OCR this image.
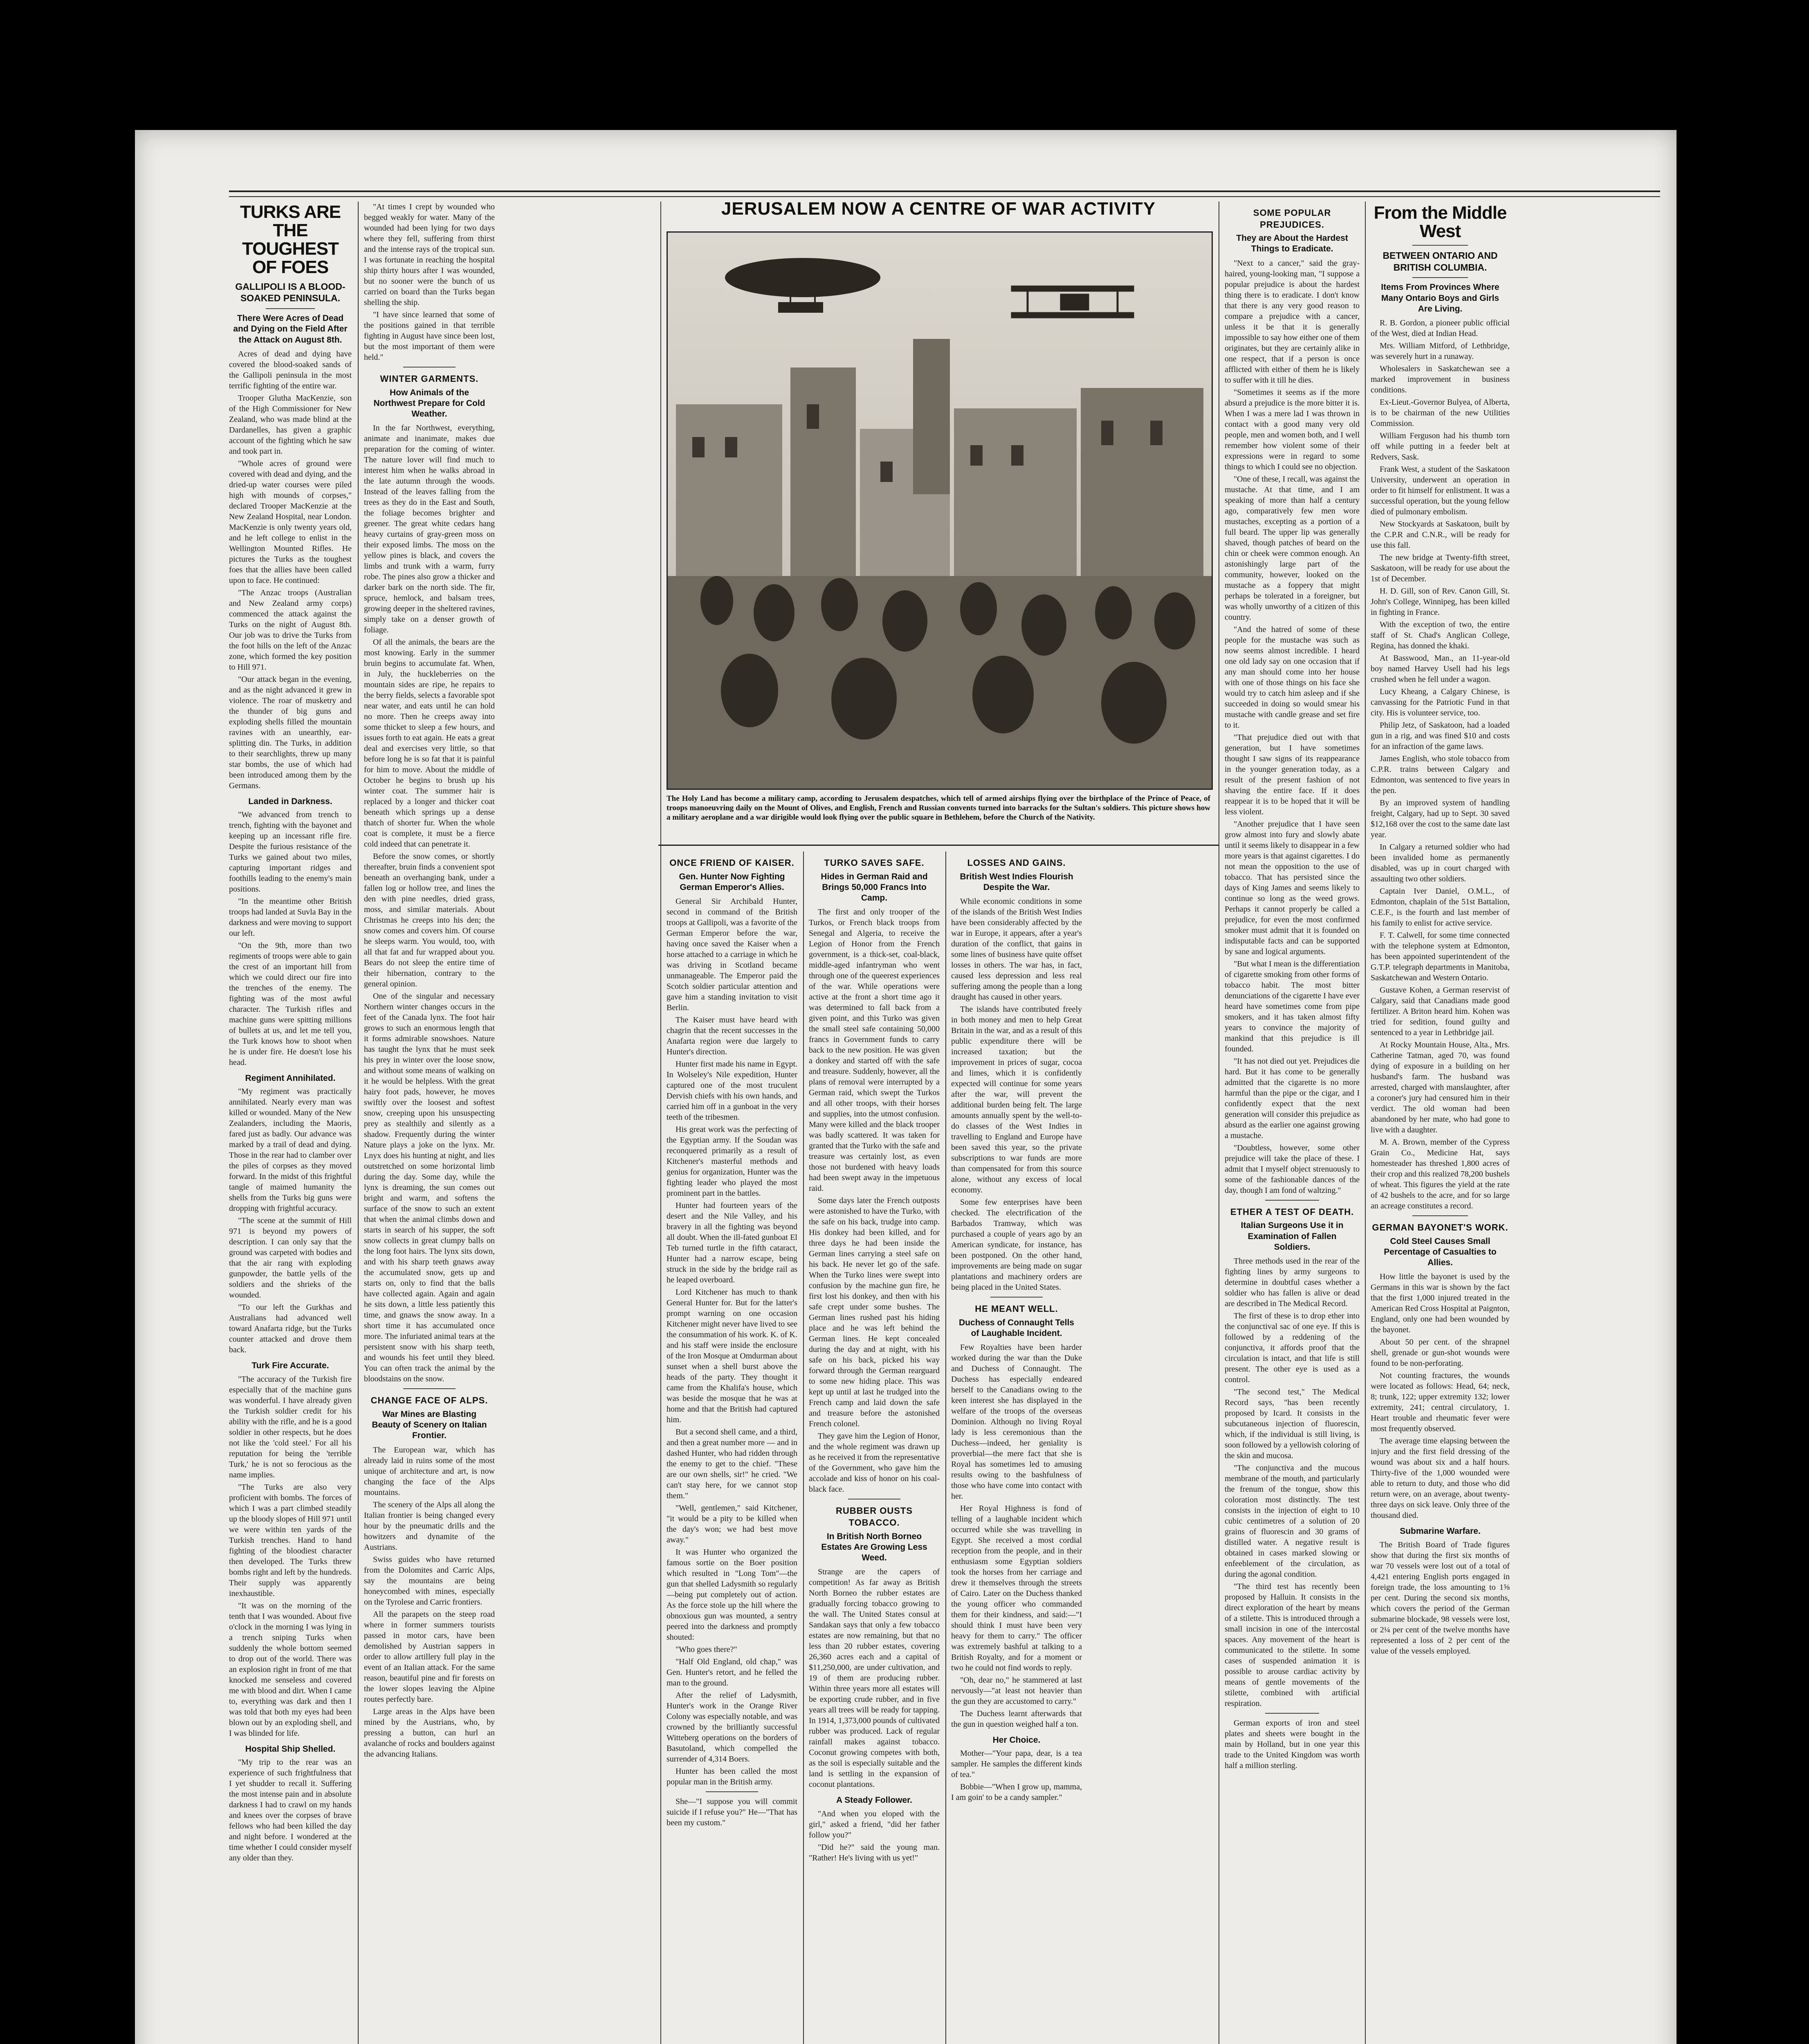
TURKS ARE THE
TOUGHEST OF FOES
GALLIPOLI IS A BLOOD-SOAKED PENINSULA.
There Were Acres of Dead and Dying on the Field After the Attack on August 8th.

Acres of dead and dying have covered the blood-soaked sands of the Gallipoli peninsula in the most terrific fighting of the entire war.

Trooper Glutha MacKenzie, son of the High Commissioner for New Zealand, who was made blind at the Dardanelles, has given a graphic account of the fighting which he saw and took part in.

"Whole acres of ground were covered with dead and dying, and the dried-up water courses were piled high with mounds of corpses," declared Trooper MacKenzie at the New Zealand Hospital, near London. MacKenzie is only twenty years old, and he left college to enlist in the Wellington Mounted Rifles. He pictures the Turks as the toughest foes that the allies have been called upon to face. He continued:

"The Anzac troops (Australian and New Zealand army corps) commenced the attack against the Turks on the night of August 8th. Our job was to drive the Turks from the foot hills on the left of the Anzac zone, which formed the key position to Hill 971.

"Our attack began in the evening, and as the night advanced it grew in violence. The roar of musketry and the thunder of big guns and exploding shells filled the mountain ravines with an unearthly, ear-splitting din. The Turks, in addition to their searchlights, threw up many star bombs, the use of which had been introduced among them by the Germans.

Landed in Darkness.

"We advanced from trench to trench, fighting with the bayonet and keeping up an incessant rifle fire. Despite the furious resistance of the Turks we gained about two miles, capturing important ridges and foothills leading to the enemy's main positions.

"In the meantime other British troops had landed at Suvla Bay in the darkness and were moving to support our left.

"On the 9th, more than two regiments of troops were able to gain the crest of an important hill from which we could direct our fire into the trenches of the enemy. The fighting was of the most awful character. The Turkish rifles and machine guns were spitting millions of bullets at us, and let me tell you, the Turk knows how to shoot when he is under fire. He doesn't lose his head.

Regiment Annihilated.

"My regiment was practically annihilated. Nearly every man was killed or wounded. Many of the New Zealanders, including the Maoris, fared just as badly. Our advance was marked by a trail of dead and dying. Those in the rear had to clamber over the piles of corpses as they moved forward. In the midst of this frightful tangle of maimed humanity the shells from the Turks big guns were dropping with frightful accuracy.

"The scene at the summit of Hill 971 is beyond my powers of description. I can only say that the ground was carpeted with bodies and that the air rang with exploding gunpowder, the battle yells of the soldiers and the shrieks of the wounded.

"To our left the Gurkhas and Australians had advanced well toward Anafarta ridge, but the Turks counter attacked and drove them back.

Turk Fire Accurate.

"The accuracy of the Turkish fire especially that of the machine guns was wonderful. I have already given the Turkish soldier credit for his ability with the rifle, and he is a good soldier in other respects, but he does not like the 'cold steel.' For all his reputation for being the 'terrible Turk,' he is not so ferocious as the name implies.

"The Turks are also very proficient with bombs. The forces of which I was a part climbed steadily up the bloody slopes of Hill 971 until we were within ten yards of the Turkish trenches. Hand to hand fighting of the bloodiest character then developed. The Turks threw bombs right and left by the hundreds. Their supply was apparently inexhaustible.

"It was on the morning of the tenth that I was wounded. About five o'clock in the morning I was lying in a trench sniping Turks when suddenly the whole bottom seemed to drop out of the world. There was an explosion right in front of me that knocked me senseless and covered me with blood and dirt. When I came to, everything was dark and then I was told that both my eyes had been blown out by an exploding shell, and I was blinded for life.

Hospital Ship Shelled.

"My trip to the rear was an experience of such frightfulness that I yet shudder to recall it. Suffering the most intense pain and in absolute darkness I had to crawl on my hands and knees over the corpses of brave fellows who had been killed the day and night before. I wondered at the time whether I could consider myself any older than they.

"At times I crept by wounded who begged weakly for water. Many of the wounded had been lying for two days where they fell, suffering from thirst and the intense rays of the tropical sun. I was fortunate in reaching the hospital ship thirty hours after I was wounded, but no sooner were the bunch of us carried on board than the Turks began shelling the ship.

"I have since learned that some of the positions gained in that terrible fighting in August have since been lost, but the most important of them were held."

WINTER GARMENTS.
How Animals of the Northwest Prepare for Cold Weather.

In the far Northwest, everything, animate and inanimate, makes due preparation for the coming of winter. The nature lover will find much to interest him when he walks abroad in the late autumn through the woods. Instead of the leaves falling from the trees as they do in the East and South, the foliage becomes brighter and greener. The great white cedars hang heavy curtains of gray-green moss on their exposed limbs. The moss on the yellow pines is black, and covers the limbs and trunk with a warm, furry robe. The pines also grow a thicker and darker bark on the north side. The fir, spruce, hemlock, and balsam trees, growing deeper in the sheltered ravines, simply take on a denser growth of foliage.

Of all the animals, the bears are the most knowing. Early in the summer bruin begins to accumulate fat. When, in July, the huckleberries on the mountain sides are ripe, he repairs to the berry fields, selects a favorable spot near water, and eats until he can hold no more. Then he creeps away into some thicket to sleep a few hours, and issues forth to eat again. He eats a great deal and exercises very little, so that before long he is so fat that it is painful for him to move. About the middle of October he begins to brush up his winter coat. The summer hair is replaced by a longer and thicker coat beneath which springs up a dense thatch of shorter fur. When the whole coat is complete, it must be a fierce cold indeed that can penetrate it.

Before the snow comes, or shortly thereafter, bruin finds a convenient spot beneath an overhanging bank, under a fallen log or hollow tree, and lines the den with pine needles, dried grass, moss, and similar materials. About Christmas he creeps into his den; the snow comes and covers him. Of course he sleeps warm. You would, too, with all that fat and fur wrapped about you. Bears do not sleep the entire time of their hibernation, contrary to the general opinion.

One of the singular and necessary Northern winter changes occurs in the feet of the Canada lynx. The foot hair grows to such an enormous length that it forms admirable snowshoes. Nature has taught the lynx that he must seek his prey in winter over the loose snow, and without some means of walking on it he would be helpless. With the great hairy foot pads, however, he moves swiftly over the loosest and softest snow, creeping upon his unsuspecting prey as stealthily and silently as a shadow. Frequently during the winter Nature plays a joke on the lynx. Mr. Lnyx does his hunting at night, and lies outstretched on some horizontal limb during the day. Some day, while the lynx is dreaming, the sun comes out bright and warm, and softens the surface of the snow to such an extent that when the animal climbs down and starts in search of his supper, the soft snow collects in great clumpy balls on the long foot hairs. The lynx sits down, and with his sharp teeth gnaws away the accumulated snow, gets up and starts on, only to find that the balls have collected again. Again and again he sits down, a little less patiently this time, and gnaws the snow away. In a short time it has accumulated once more. The infuriated animal tears at the persistent snow with his sharp teeth, and wounds his feet until they bleed. You can often track the animal by the bloodstains on the snow.

CHANGE FACE OF ALPS.
War Mines are Blasting Beauty of Scenery on Italian Frontier.

The European war, which has already laid in ruins some of the most unique of architecture and art, is now changing the face of the Alps mountains.

The scenery of the Alps all along the Italian frontier is being changed every hour by the pneumatic drills and the howitzers and dynamite of the Austrians.

Swiss guides who have returned from the Dolomites and Carric Alps, say the mountains are being honeycombed with mines, especially on the Tyrolese and Carric frontiers.

All the parapets on the steep road where in former summers tourists passed in motor cars, have been demolished by Austrian sappers in order to allow artillery full play in the event of an Italian attack. For the same reason, beautiful pine and fir forests on the lower slopes leaving the Alpine routes perfectly bare.

Large areas in the Alps have been mined by the Austrians, who, by pressing a button, can hurl an avalanche of rocks and boulders against the advancing Italians.

JERUSALEM NOW A CENTRE OF WAR ACTIVITY
The Holy Land has become a military camp, according to Jerusalem despatches, which tell of armed airships flying over the birthplace of the Prince of Peace, of troops manoeuvring daily on the Mount of Olives, and English, French and Russian convents turned into barracks for the Sultan's soldiers. This picture shows how a military aeroplane and a war dirigible would look flying over the public square in Bethlehem, before the Church of the Nativity.
ONCE FRIEND OF KAISER.
Gen. Hunter Now Fighting German Emperor's Allies.

General Sir Archibald Hunter, second in command of the British troops at Gallipoli, was a favorite of the German Emperor before the war, having once saved the Kaiser when a horse attached to a carriage in which he was driving in Scotland became unmanageable. The Emperor paid the Scotch soldier particular attention and gave him a standing invitation to visit Berlin.

The Kaiser must have heard with chagrin that the recent successes in the Anafarta region were due largely to Hunter's direction.

Hunter first made his name in Egypt. In Wolseley's Nile expedition, Hunter captured one of the most truculent Dervish chiefs with his own hands, and carried him off in a gunboat in the very teeth of the tribesmen.

His great work was the perfecting of the Egyptian army. If the Soudan was reconquered primarily as a result of Kitchener's masterful methods and genius for organization, Hunter was the fighting leader who played the most prominent part in the battles.

Hunter had fourteen years of the desert and the Nile Valley, and his bravery in all the fighting was beyond all doubt. When the ill-fated gunboat El Teb turned turtle in the fifth cataract, Hunter had a narrow escape, being struck in the side by the bridge rail as he leaped overboard.

Lord Kitchener has much to thank General Hunter for. But for the latter's prompt warning on one occasion Kitchener might never have lived to see the consummation of his work. K. of K. and his staff were inside the enclosure of the Iron Mosque at Omdurman about sunset when a shell burst above the heads of the party. They thought it came from the Khalifa's house, which was beside the mosque that he was at home and that the British had captured him.

But a second shell came, and a third, and then a great number more — and in dashed Hunter, who had ridden through the enemy to get to the chief. "These are our own shells, sir!" he cried. "We can't stay here, for we cannot stop them."

"Well, gentlemen," said Kitchener, "it would be a pity to be killed when the day's won; we had best move away."

It was Hunter who organized the famous sortie on the Boer position which resulted in "Long Tom"—the gun that shelled Ladysmith so regularly—being put completely out of action. As the force stole up the hill where the obnoxious gun was mounted, a sentry peered into the darkness and promptly shouted:

"Who goes there?"

"Half Old England, old chap," was Gen. Hunter's retort, and he felled the man to the ground.

After the relief of Ladysmith, Hunter's work in the Orange River Colony was especially notable, and was crowned by the brilliantly successful Witteberg operations on the borders of Basutoland, which compelled the surrender of 4,314 Boers.

Hunter has been called the most popular man in the British army.

She—"I suppose you will commit suicide if I refuse you?" He—"That has been my custom."

TURKO SAVES SAFE.
Hides in German Raid and Brings 50,000 Francs Into Camp.

The first and only trooper of the Turkos, or French black troops from Senegal and Algeria, to receive the Legion of Honor from the French government, is a thick-set, coal-black, middle-aged infantryman who went through one of the queerest experiences of the war. While operations were active at the front a short time ago it was determined to fall back from a given point, and this Turko was given the small steel safe containing 50,000 francs in Government funds to carry back to the new position. He was given a donkey and started off with the safe and treasure. Suddenly, however, all the plans of removal were interrupted by a German raid, which swept the Turkos and all other troops, with their horses and supplies, into the utmost confusion. Many were killed and the black trooper was badly scattered. It was taken for granted that the Turko with the safe and treasure was certainly lost, as even those not burdened with heavy loads had been swept away in the impetuous raid.

Some days later the French outposts were astonished to have the Turko, with the safe on his back, trudge into camp. His donkey had been killed, and for three days he had been inside the German lines carrying a steel safe on his back. He never let go of the safe. When the Turko lines were swept into confusion by the machine gun fire, he first lost his donkey, and then with his safe crept under some bushes. The German lines rushed past his hiding place and he was left behind the German lines. He kept concealed during the day and at night, with his safe on his back, picked his way forward through the German rearguard to some new hiding place. This was kept up until at last he trudged into the French camp and laid down the safe and treasure before the astonished French colonel.

They gave him the Legion of Honor, and the whole regiment was drawn up as he received it from the representative of the Government, who gave him the accolade and kiss of honor on his coal-black face.

RUBBER OUSTS TOBACCO.
In British North Borneo Estates Are Growing Less Weed.

Strange are the capers of competition! As far away as British North Borneo the rubber estates are gradually forcing tobacco growing to the wall. The United States consul at Sandakan says that only a few tobacco estates are now remaining, but that no less than 20 rubber estates, covering 26,360 acres each and a capital of $11,250,000, are under cultivation, and 19 of them are producing rubber. Within three years more all estates will be exporting crude rubber, and in five years all trees will be ready for tapping. In 1914, 1,373,000 pounds of cultivated rubber was produced. Lack of regular rainfall makes against tobacco. Coconut growing competes with both, as the soil is especially suitable and the land is settling in the expansion of coconut plantations.

A Steady Follower.

"And when you eloped with the girl," asked a friend, "did her father follow you?"

"Did he?" said the young man. "Rather! He's living with us yet!"

LOSSES AND GAINS.
British West Indies Flourish Despite the War.

While economic conditions in some of the islands of the British West Indies have been considerably affected by the war in Europe, it appears, after a year's duration of the conflict, that gains in some lines of business have quite offset losses in others. The war has, in fact, caused less depression and less real suffering among the people than a long draught has caused in other years.

The islands have contributed freely in both money and men to help Great Britain in the war, and as a result of this public expenditure there will be increased taxation; but the improvement in prices of sugar, cocoa and limes, which it is confidently expected will continue for some years after the war, will prevent the additional burden being felt. The large amounts annually spent by the well-to-do classes of the West Indies in travelling to England and Europe have been saved this year, so the private subscriptions to war funds are more than compensated for from this source alone, without any excess of local economy.

Some few enterprises have been checked. The electrification of the Barbados Tramway, which was purchased a couple of years ago by an American syndicate, for instance, has been postponed. On the other hand, improvements are being made on sugar plantations and machinery orders are being placed in the United States.

HE MEANT WELL.
Duchess of Connaught Tells of Laughable Incident.

Few Royalties have been harder worked during the war than the Duke and Duchess of Connaught. The Duchess has especially endeared herself to the Canadians owing to the keen interest she has displayed in the welfare of the troops of the overseas Dominion. Although no living Royal lady is less ceremonious than the Duchess—indeed, her geniality is proverbial—the mere fact that she is Royal has sometimes led to amusing results owing to the bashfulness of those who have come into contact with her.

Her Royal Highness is fond of telling of a laughable incident which occurred while she was travelling in Egypt. She received a most cordial reception from the people, and in their enthusiasm some Egyptian soldiers took the horses from her carriage and drew it themselves through the streets of Cairo. Later on the Duchess thanked the young officer who commanded them for their kindness, and said:—"I should think I must have been very heavy for them to carry." The officer was extremely bashful at talking to a British Royalty, and for a moment or two he could not find words to reply.

"Oh, dear no," he stammered at last nervously—"at least not heavier than the gun they are accustomed to carry."

The Duchess learnt afterwards that the gun in question weighed half a ton.

Her Choice.

Mother—"Your papa, dear, is a tea sampler. He samples the different kinds of tea."

Bobbie—"When I grow up, mamma, I am goin' to be a candy sampler."

SOME POPULAR PREJUDICES.
They are About the Hardest Things to Eradicate.

"Next to a cancer," said the gray-haired, young-looking man, "I suppose a popular prejudice is about the hardest thing there is to eradicate. I don't know that there is any very good reason to compare a prejudice with a cancer, unless it be that it is generally impossible to say how either one of them originates, but they are certainly alike in one respect, that if a person is once afflicted with either of them he is likely to suffer with it till he dies.

"Sometimes it seems as if the more absurd a prejudice is the more bitter it is. When I was a mere lad I was thrown in contact with a good many very old people, men and women both, and I well remember how violent some of their expressions were in regard to some things to which I could see no objection.

"One of these, I recall, was against the mustache. At that time, and I am speaking of more than half a century ago, comparatively few men wore mustaches, excepting as a portion of a full beard. The upper lip was generally shaved, though patches of beard on the chin or cheek were common enough. An astonishingly large part of the community, however, looked on the mustache as a foppery that might perhaps be tolerated in a foreigner, but was wholly unworthy of a citizen of this country.

"And the hatred of some of these people for the mustache was such as now seems almost incredible. I heard one old lady say on one occasion that if any man should come into her house with one of those things on his face she would try to catch him asleep and if she succeeded in doing so would smear his mustache with candle grease and set fire to it.

"That prejudice died out with that generation, but I have sometimes thought I saw signs of its reappearance in the younger generation today, as a result of the present fashion of not shaving the entire face. If it does reappear it is to be hoped that it will be less violent.

"Another prejudice that I have seen grow almost into fury and slowly abate until it seems likely to disappear in a few more years is that against cigarettes. I do not mean the opposition to the use of tobacco. That has persisted since the days of King James and seems likely to continue so long as the weed grows. Perhaps it cannot properly be called a prejudice, for even the most confirmed smoker must admit that it is founded on indisputable facts and can be supported by sane and logical arguments.

"But what I mean is the differentiation of cigarette smoking from other forms of tobacco habit. The most bitter denunciations of the cigarette I have ever heard have sometimes come from pipe smokers, and it has taken almost fifty years to convince the majority of mankind that this prejudice is ill founded.

"It has not died out yet. Prejudices die hard. But it has come to be generally admitted that the cigarette is no more harmful than the pipe or the cigar, and I confidently expect that the next generation will consider this prejudice as absurd as the earlier one against growing a mustache.

"Doubtless, however, some other prejudice will take the place of these. I admit that I myself object strenuously to some of the fashionable dances of the day, though I am fond of waltzing."

ETHER A TEST OF DEATH.
Italian Surgeons Use it in Examination of Fallen Soldiers.

Three methods used in the rear of the fighting lines by army surgeons to determine in doubtful cases whether a soldier who has fallen is alive or dead are described in The Medical Record.

The first of these is to drop ether into the conjunctival sac of one eye. If this is followed by a reddening of the conjunctiva, it affords proof that the circulation is intact, and that life is still present. The other eye is used as a control.

"The second test," The Medical Record says, "has been recently proposed by Icard. It consists in the subcutaneous injection of fluorescin, which, if the individual is still living, is soon followed by a yellowish coloring of the skin and mucosa.

"The conjunctiva and the mucous membrane of the mouth, and particularly the frenum of the tongue, show this coloration most distinctly. The test consists in the injection of eight to 10 cubic centimetres of a solution of 20 grains of fluorescin and 30 grams of distilled water. A negative result is obtained in cases marked slowing or enfeeblement of the circulation, as during the agonal condition.

"The third test has recently been proposed by Halluin. It consists in the direct exploration of the heart by means of a stilette. This is introduced through a small incision in one of the intercostal spaces. Any movement of the heart is communicated to the stilette. In some cases of suspended animation it is possible to arouse cardiac activity by means of gentle movements of the stilette, combined with artificial respiration.

German exports of iron and steel plates and sheets were bought in the main by Holland, but in one year this trade to the United Kingdom was worth half a million sterling.

From the Middle West
BETWEEN ONTARIO AND BRITISH COLUMBIA.
Items From Provinces Where Many Ontario Boys and Girls Are Living.

R. B. Gordon, a pioneer public official of the West, died at Indian Head.

Mrs. William Mitford, of Lethbridge, was severely hurt in a runaway.

Wholesalers in Saskatchewan see a marked improvement in business conditions.

Ex-Lieut.-Governor Bulyea, of Alberta, is to be chairman of the new Utilities Commission.

William Ferguson had his thumb torn off while putting in a feeder belt at Redvers, Sask.

Frank West, a student of the Saskatoon University, underwent an operation in order to fit himself for enlistment. It was a successful operation, but the young fellow died of pulmonary embolism.

New Stockyards at Saskatoon, built by the C.P.R and C.N.R., will be ready for use this fall.

The new bridge at Twenty-fifth street, Saskatoon, will be ready for use about the 1st of December.

H. D. Gill, son of Rev. Canon Gill, St. John's College, Winnipeg, has been killed in fighting in France.

With the exception of two, the entire staff of St. Chad's Anglican College, Regina, has donned the khaki.

At Basswood, Man., an 11-year-old boy named Harvey Usell had his legs crushed when he fell under a wagon.

Lucy Kheang, a Calgary Chinese, is canvassing for the Patriotic Fund in that city. His is volunteer service, too.

Philip Jetz, of Saskatoon, had a loaded gun in a rig, and was fined $10 and costs for an infraction of the game laws.

James English, who stole tobacco from C.P.R. trains between Calgary and Edmonton, was sentenced to five years in the pen.

By an improved system of handling freight, Calgary, had up to Sept. 30 saved $12,168 over the cost to the same date last year.

In Calgary a returned soldier who had been invalided home as permanently disabled, was up in court charged with assaulting two other soldiers.

Captain Iver Daniel, O.M.L., of Edmonton, chaplain of the 51st Battalion, C.E.F., is the fourth and last member of his family to enlist for active service.

F. T. Calwell, for some time connected with the telephone system at Edmonton, has been appointed superintendent of the G.T.P. telegraph departments in Manitoba, Saskatchewan and Western Ontario.

Gustave Kohen, a German reservist of Calgary, said that Canadians made good fertilizer. A Briton heard him. Kohen was tried for sedition, found guilty and sentenced to a year in Lethbridge jail.

At Rocky Mountain House, Alta., Mrs. Catherine Tatman, aged 70, was found dying of exposure in a building on her husband's farm. The husband was arrested, charged with manslaughter, after a coroner's jury had censured him in their verdict. The old woman had been abandoned by her mate, who had gone to live with a daughter.

M. A. Brown, member of the Cypress Grain Co., Medicine Hat, says homesteader has threshed 1,800 acres of their crop and this realized 78,200 bushels of wheat. This figures the yield at the rate of 42 bushels to the acre, and for so large an acreage constitutes a record.

GERMAN BAYONET'S WORK.
Cold Steel Causes Small Percentage of Casualties to Allies.

How little the bayonet is used by the Germans in this war is shown by the fact that the first 1,000 injured treated in the American Red Cross Hospital at Paignton, England, only one had been wounded by the bayonet.

About 50 per cent. of the shrapnel shell, grenade or gun-shot wounds were found to be non-perforating.

Not counting fractures, the wounds were located as follows: Head, 64; neck, 8; trunk, 122; upper extremity 132; lower extremity, 241; central circulatory, 1. Heart trouble and rheumatic fever were most frequently observed.

The average time elapsing between the injury and the first field dressing of the wound was about six and a half hours. Thirty-five of the 1,000 wounded were able to return to duty, and those who did return were, on an average, about twenty-three days on sick leave. Only three of the thousand died.

Submarine Warfare.

The British Board of Trade figures show that during the first six months of war 70 vessels were lost out of a total of 4,421 entering English ports engaged in foreign trade, the loss amounting to 1⅝ per cent. During the second six months, which covers the period of the German submarine blockade, 98 vessels were lost, or 2¼ per cent of the twelve months have represented a loss of 2 per cent of the value of the vessels employed.
